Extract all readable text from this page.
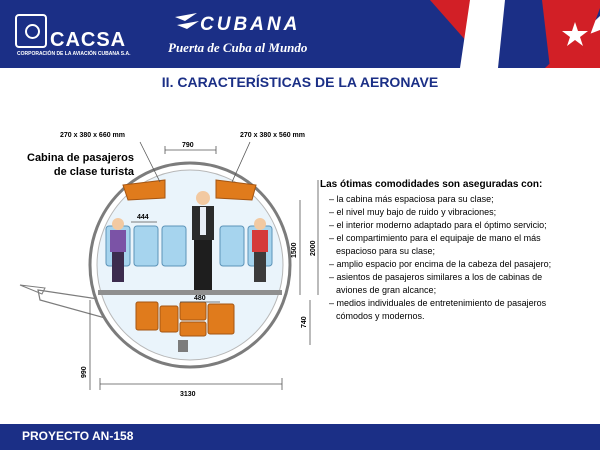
CACSA
CORPORACIÓN DE LA AVIACIÓN CUBANA S.A.
CUBANA
Puerta de Cuba al Mundo
II. CARACTERÍSTICAS DE LA AERONAVE
790
444
480
1500 2000
740
990
3130
270 x 380 x 660 mm	270 x 380 x 560 mm
Cabina de pasajeros
de clase turista
Las ótimas comodidades son aseguradas con:

– la cabina más espaciosa para su clase;

– el nivel muy bajo de ruido y vibraciones;

– el interior moderno adaptado para el óptimo servicio;

– el compartimiento para el equipaje de mano el más espacioso para su clase;

– amplio espacio por encima de la cabeza del pasajero;

– asientos de pasajeros similares a los de cabinas de aviones de gran alcance;

– medios individuales de entretenimiento de pasajeros cómodos y modernos.

PROYECTO AN-158
